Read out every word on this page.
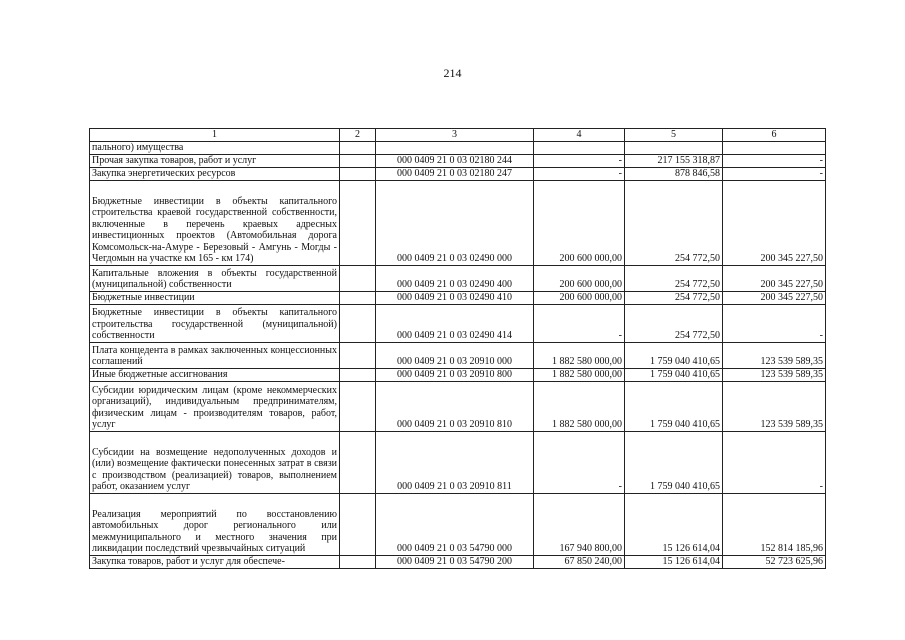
214
1	2	3	4	5	6
пального) имущества					
Прочая закупка товаров, работ и услуг		000 0409 21 0 03 02180 244	-	217 155 318,87	-
Закупка энергетических ресурсов		000 0409 21 0 03 02180 247	-	878 846,58	-
Бюджетные инвестиции в объекты капитального строительства краевой государственной собственности, включенные в перечень краевых адресных инвестиционных проектов (Автомобильная дорога Комсомольск-на-Амуре - Березовый - Амгунь - Могды - Чегдомын на участке км 165 - км 174)		000 0409 21 0 03 02490 000	200 600 000,00	254 772,50	200 345 227,50
Капитальные вложения в объекты государственной (муниципальной) собственности		000 0409 21 0 03 02490 400	200 600 000,00	254 772,50	200 345 227,50
Бюджетные инвестиции		000 0409 21 0 03 02490 410	200 600 000,00	254 772,50	200 345 227,50
Бюджетные инвестиции в объекты капитального строительства государственной (муниципальной) собственности		000 0409 21 0 03 02490 414	-	254 772,50	-
Плата концедента в рамках заключенных концессионных соглашений		000 0409 21 0 03 20910 000	1 882 580 000,00	1 759 040 410,65	123 539 589,35
Иные бюджетные ассигнования		000 0409 21 0 03 20910 800	1 882 580 000,00	1 759 040 410,65	123 539 589,35
Субсидии юридическим лицам (кроме некоммерческих организаций), индивидуальным предпринимателям, физическим лицам - производителям товаров, работ, услуг		000 0409 21 0 03 20910 810	1 882 580 000,00	1 759 040 410,65	123 539 589,35
Субсидии на возмещение недополученных доходов и (или) возмещение фактически понесенных затрат в связи с производством (реализацией) товаров, выполнением работ, оказанием услуг		000 0409 21 0 03 20910 811	-	1 759 040 410,65	-
Реализация мероприятий по восстановлению автомобильных дорог регионального или межмуниципального и местного значения при ликвидации последствий чрезвычайных ситуаций		000 0409 21 0 03 54790 000	167 940 800,00	15 126 614,04	152 814 185,96
Закупка товаров, работ и услуг для обеспече-		000 0409 21 0 03 54790 200	67 850 240,00	15 126 614,04	52 723 625,96
